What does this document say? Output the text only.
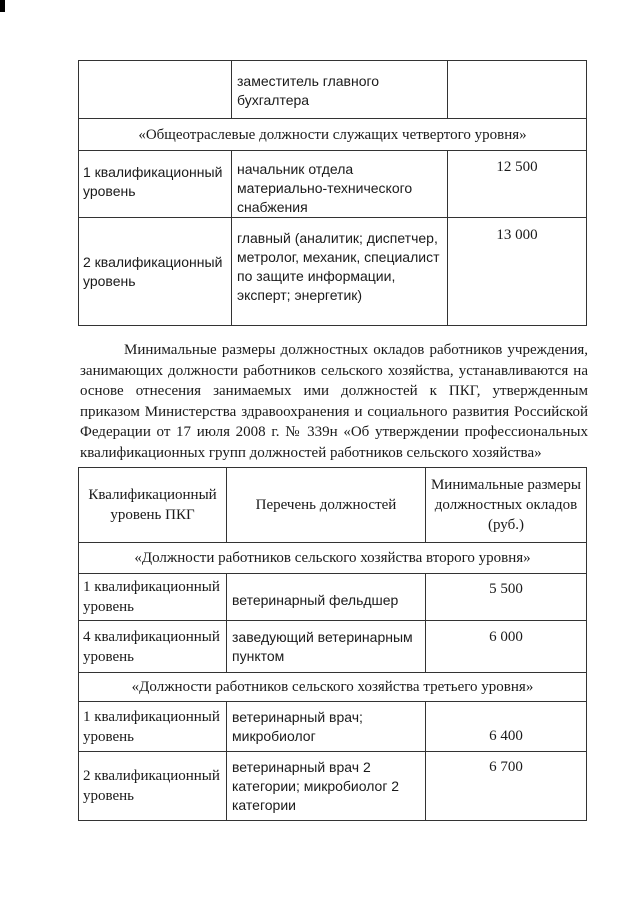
	заместитель главного бухгалтера	
«Общеотраслевые должности служащих четвертого уровня»		
1 квалификационный уровень	начальник отдела материально-технического снабжения	12 500
2 квалификационный уровень	главный (аналитик; диспетчер, метролог, механик, специалист по защите информации, эксперт; энергетик)	13 000
Минимальные размеры должностных окладов работников учреждения,
занимающих должности работников сельского хозяйства, устанавливаются на
основе отнесения занимаемых ими должностей к ПКГ, утвержденным
приказом Министерства здравоохранения и социального развития Российской
Федерации от 17 июля 2008 г. № 339н «Об утверждении профессиональных
квалификационных групп должностей работников сельского хозяйства»
Квалификационный уровень ПКГ	Перечень должностей	Минимальные размеры должностных окладов (руб.)
«Должности работников сельского хозяйства второго уровня»		
1 квалификационный уровень	ветеринарный фельдшер	5 500
4 квалификационный уровень	заведующий ветеринарным пунктом	6 000
«Должности работников сельского хозяйства третьего уровня»		
1 квалификационный уровень	ветеринарный врач; микробиолог	6 400
2 квалификационный уровень	ветеринарный врач 2 категории; микробиолог 2 категории	6 700
